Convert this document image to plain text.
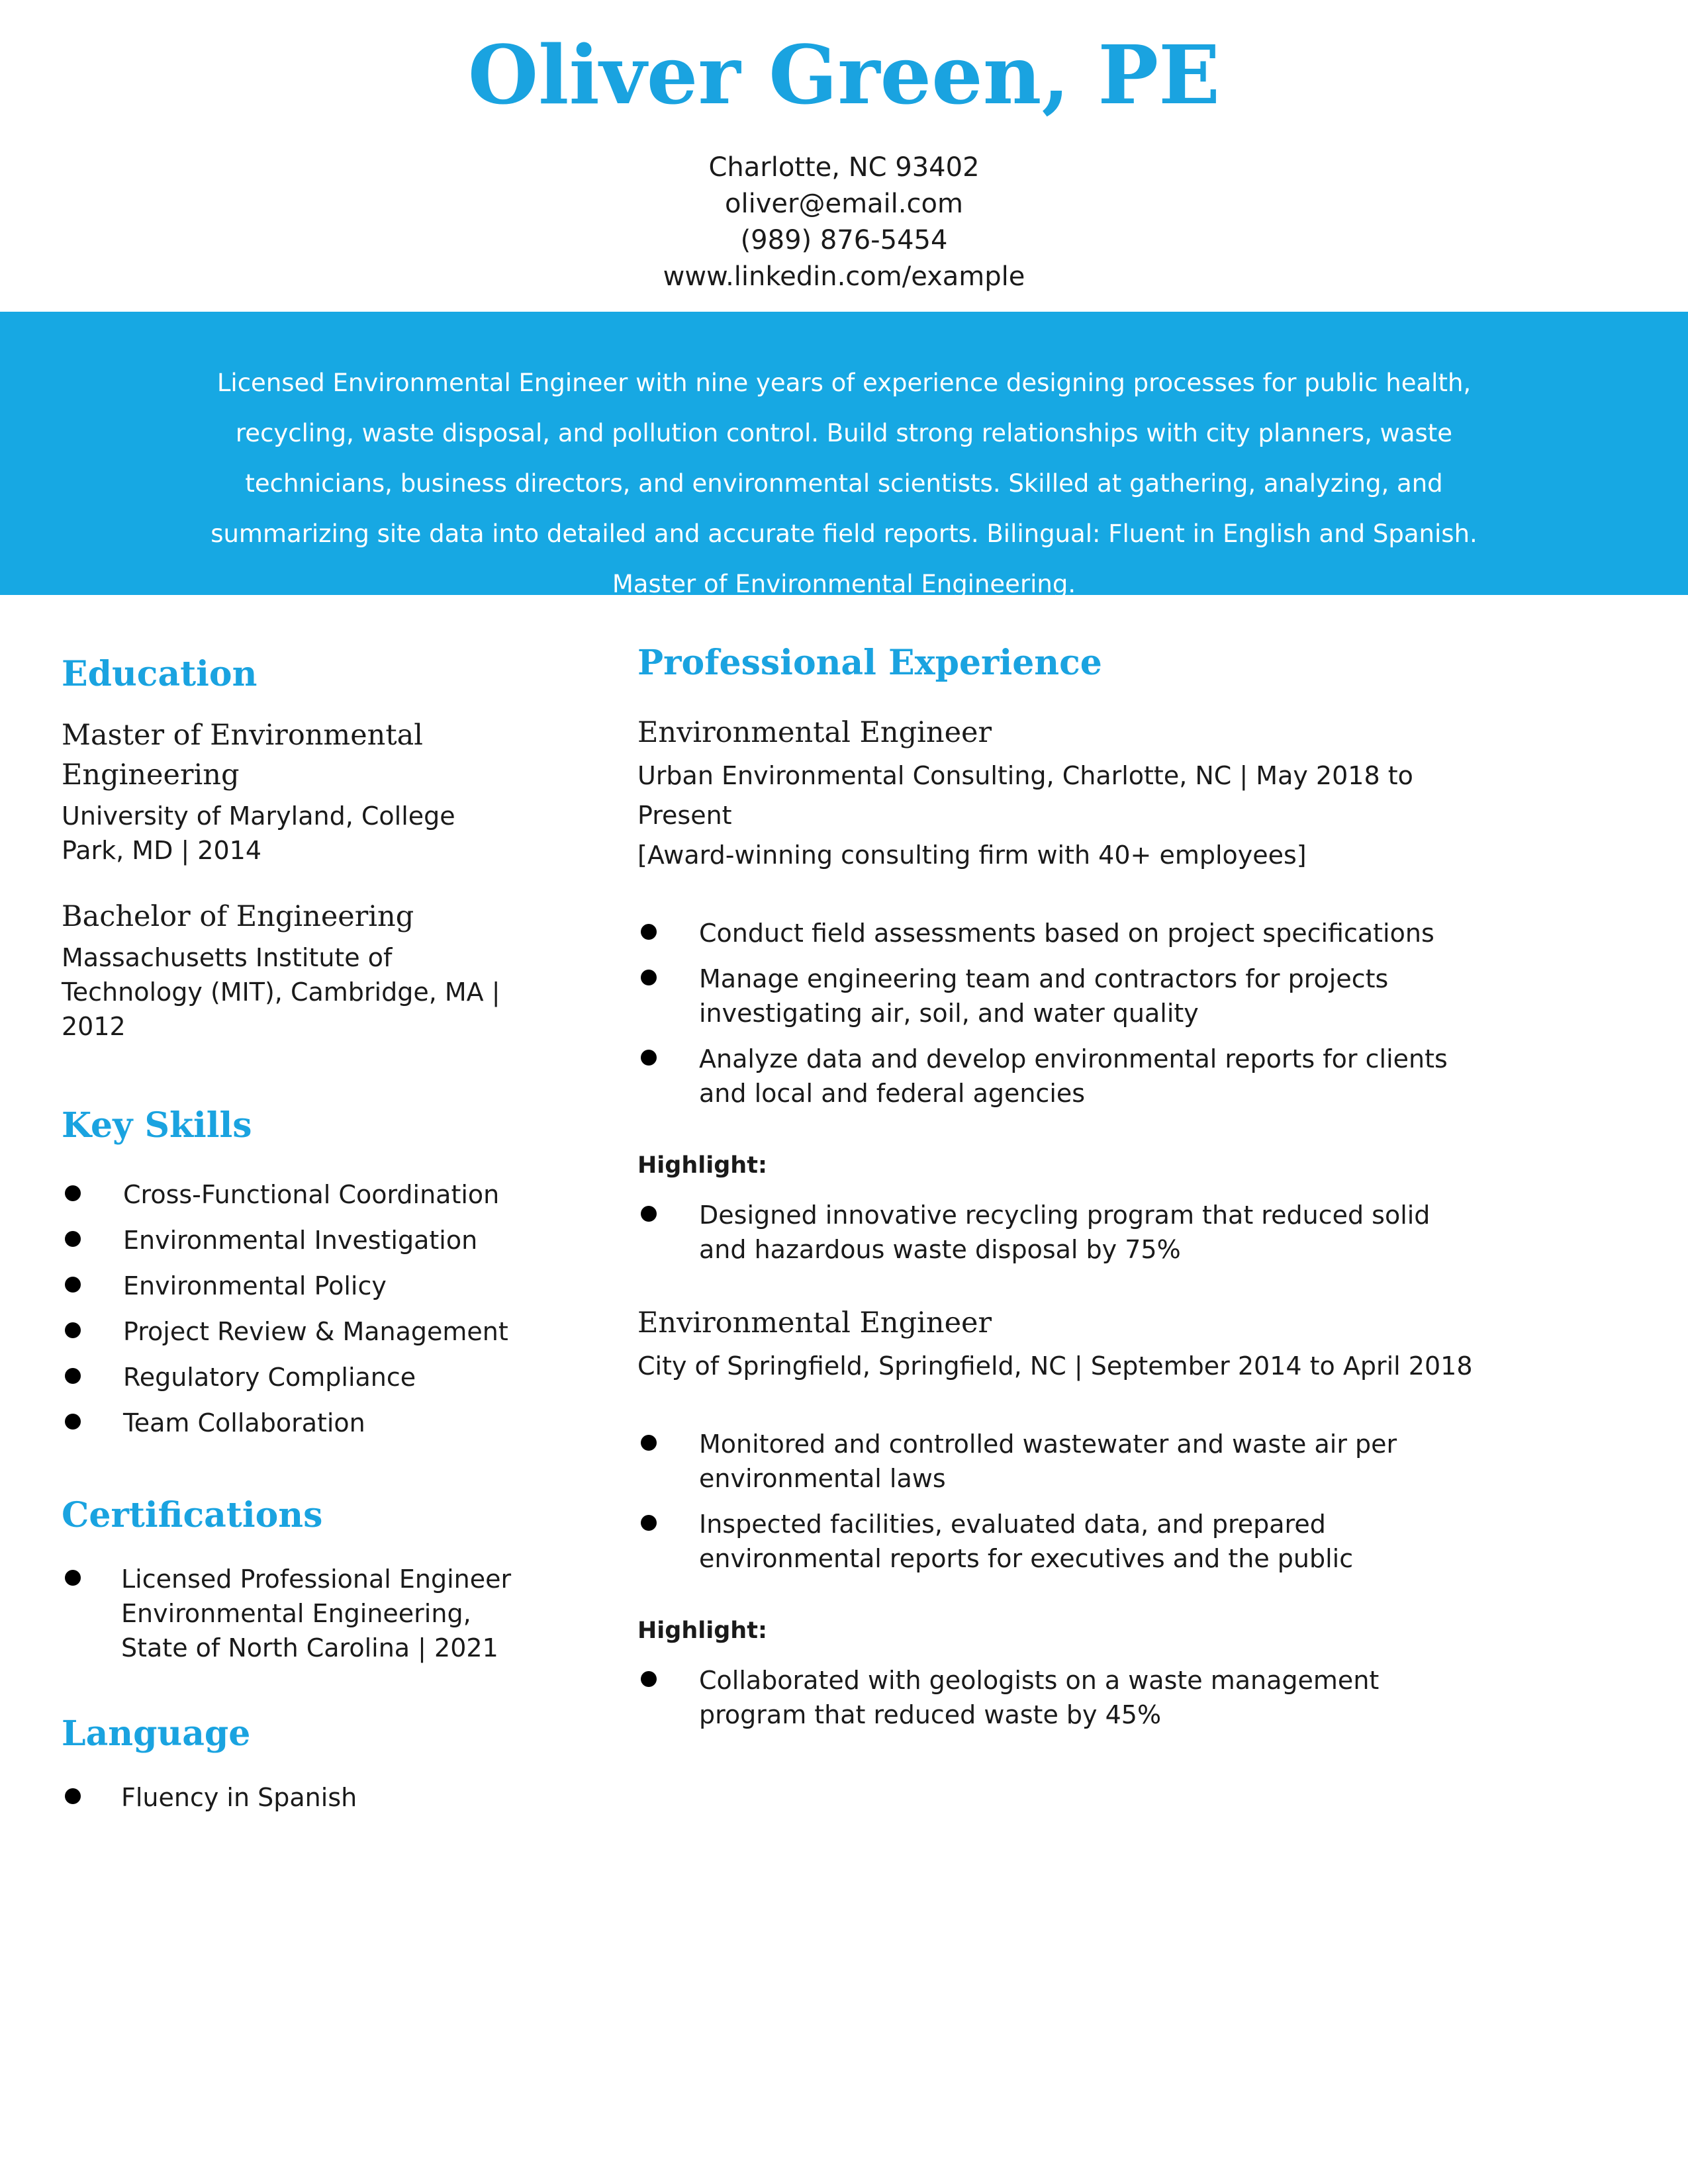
Oliver Green, PE
Charlotte, NC 93402
oliver@email.com
(989) 876-5454
www.linkedin.com/example

Licensed Environmental Engineer with nine years of experience designing processes for public health, recycling, waste disposal, and pollution control. Build strong relationships with city planners, waste technicians, business directors, and environmental scientists. Skilled at gathering, analyzing, and summarizing site data into detailed and accurate field reports. Bilingual: Fluent in English and Spanish. Master of Environmental Engineering.

Education
Master of Environmental Engineering
University of Maryland, College Park, MD | 2014
Bachelor of Engineering
Massachusetts Institute of Technology (MIT), Cambridge, MA | 2012
Key Skills
Cross-Functional Coordination
Environmental Investigation
Environmental Policy
Project Review & Management
Regulatory Compliance
Team Collaboration
Certifications
Licensed Professional Engineer Environmental Engineering, State of North Carolina | 2021
Language
Fluency in Spanish
Professional Experience
Environmental Engineer
Urban Environmental Consulting, Charlotte, NC | May 2018 to Present
[Award-winning consulting firm with 40+ employees]
Conduct field assessments based on project specifications
Manage engineering team and contractors for projects investigating air, soil, and water quality
Analyze data and develop environmental reports for clients and local and federal agencies
Highlight:
Designed innovative recycling program that reduced solid and hazardous waste disposal by 75%
Environmental Engineer
City of Springfield, Springfield, NC | September 2014 to April 2018
Monitored and controlled wastewater and waste air per environmental laws
Inspected facilities, evaluated data, and prepared environmental reports for executives and the public
Highlight:
Collaborated with geologists on a waste management program that reduced waste by 45%
